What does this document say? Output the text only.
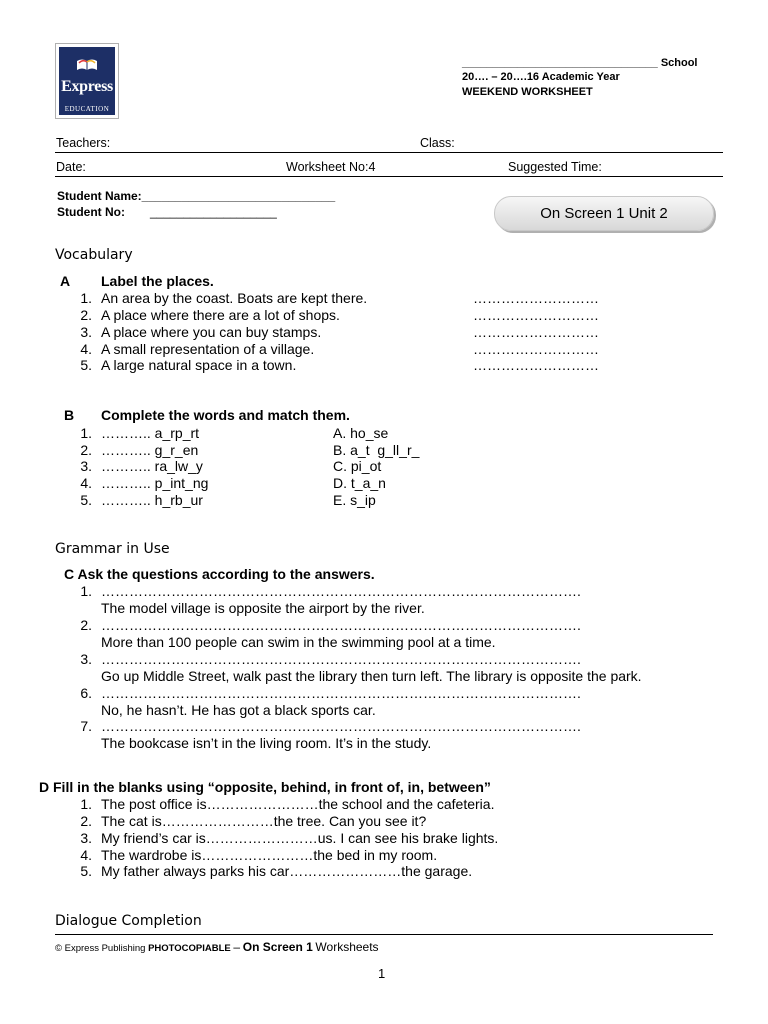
Express
EDUCATION
________________________________ School
20…. – 20….16 Academic Year
WEEKEND WORKSHEET
Teachers:	Class:
Date:	Worksheet No:4	Suggested Time:
Student Name:_____________________________
Student No: ___________________	On Screen 1 Unit 2
Vocabulary
A Label the places.
1. An area by the coast. Boats are kept there.	………………………
2. A place where there are a lot of shops.	………………………
3. A place where you can buy stamps.	………………………
4. A small representation of a village.	………………………
5. A large natural space in a town.	………………………
B Complete the words and match them.
1. ……….. a_rp_rt	A. ho_se
2. ……….. g_r_en	B. a_t  g_ll_r_
3. ……….. ra_lw_y	C. pi_ot
4. ……….. p_int_ng	D. t_a_n
5. ……….. h_rb_ur	E. s_ip
Grammar in Use
C Ask the questions according to the answers.
1. ………………………………………………………………………………………….
The model village is opposite the airport by the river.
2. ………………………………………………………………………………………….
More than 100 people can swim in the swimming pool at a time.
3. ………………………………………………………………………………………….
Go up Middle Street, walk past the library then turn left. The library is opposite the park.
6. ………………………………………………………………………………………….
No, he hasn’t. He has got a black sports car.
7. ………………………………………………………………………………………….
The bookcase isn’t in the living room. It’s in the study.
D Fill in the blanks using “opposite, behind, in front of, in, between”
1. The post office is……………………the school and the cafeteria.
2. The cat is……………………the tree. Can you see it?
3. My friend’s car is……………………us. I can see his brake lights.
4. The wardrobe is……………………the bed in my room.
5. My father always parks his car……………………the garage.
Dialogue Completion
© Express Publishing PHOTOCOPIABLE – On Screen 1 Worksheets
1
